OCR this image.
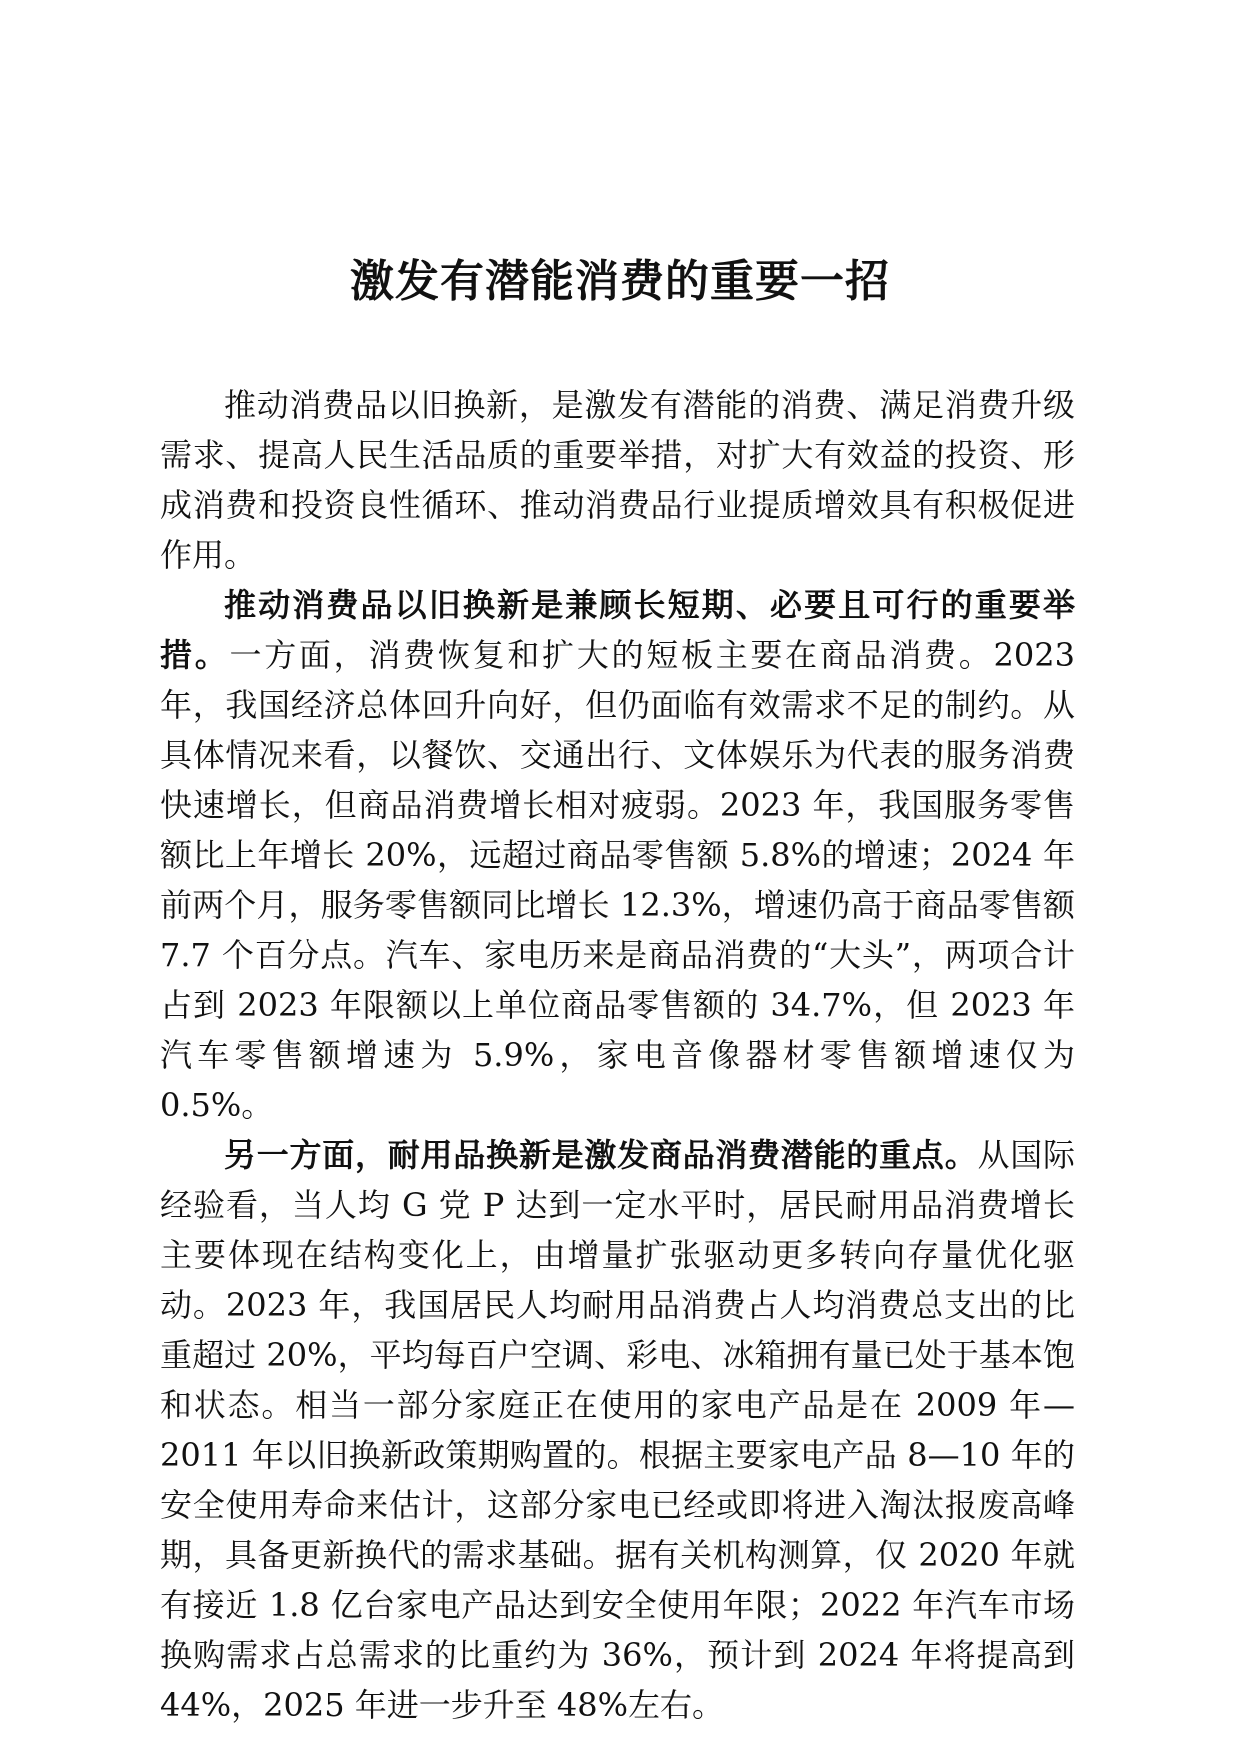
激发有潜能消费的重要一招

推动消费品以旧换新，是激发有潜能的消费、满足消费升级需求、提高人民生活品质的重要举措，对扩大有效益的投资、形成消费和投资良性循环、推动消费品行业提质增效具有积极促进作用。

推动消费品以旧换新是兼顾长短期、必要且可行的重要举措。一方面，消费恢复和扩大的短板主要在商品消费。2023 年，我国经济总体回升向好，但仍面临有效需求不足的制约。从具体情况来看，以餐饮、交通出行、文体娱乐为代表的服务消费快速增长，但商品消费增长相对疲弱。2023 年，我国服务零售额比上年增长 20%，远超过商品零售额 5.8%的增速；2024 年前两个月，服务零售额同比增长 12.3%，增速仍高于商品零售额 7.7 个百分点。汽车、家电历来是商品消费的“大头”，两项合计占到 2023 年限额以上单位商品零售额的 34.7%，但 2023 年汽车零售额增速为 5.9%，家电音像器材零售额增速仅为 0.5%。

另一方面，耐用品换新是激发商品消费潜能的重点。从国际经验看，当人均 G 党 P 达到一定水平时，居民耐用品消费增长主要体现在结构变化上，由增量扩张驱动更多转向存量优化驱动。2023 年，我国居民人均耐用品消费占人均消费总支出的比重超过 20%，平均每百户空调、彩电、冰箱拥有量已处于基本饱和状态。相当一部分家庭正在使用的家电产品是在 2009 年—2011 年以旧换新政策期购置的。根据主要家电产品 8—10 年的安全使用寿命来估计，这部分家电已经或即将进入淘汰报废高峰期，具备更新换代的需求基础。据有关机构测算，仅 2020 年就有接近 1.8 亿台家电产品达到安全使用年限；2022 年汽车市场换购需求占总需求的比重约为 36%，预计到 2024 年将提高到 44%，2025 年进一步升至 48%左右。
